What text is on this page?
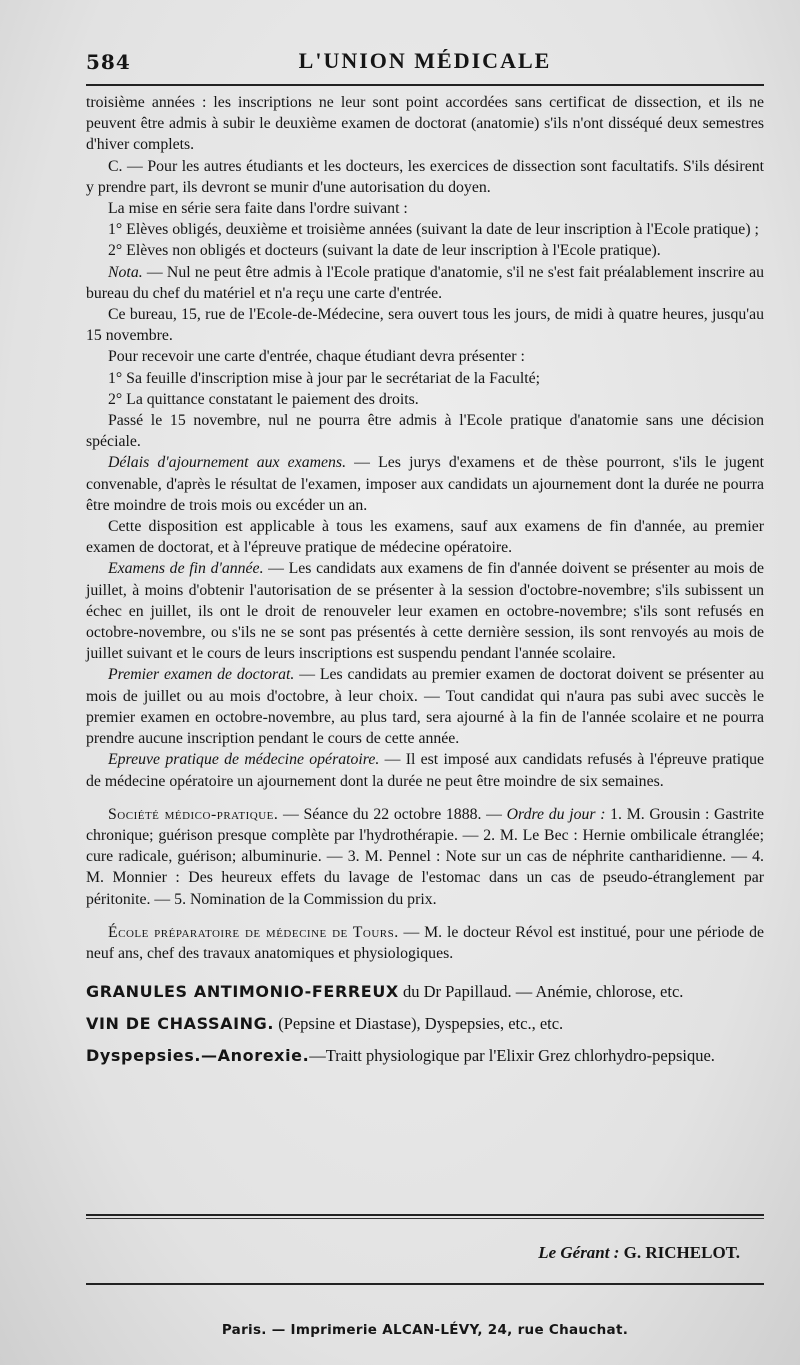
584	L'UNION MÉDICALE

troisième années : les inscriptions ne leur sont point accordées sans certificat de dissection, et ils ne peuvent être admis à subir le deuxième examen de doctorat (anatomie) s'ils n'ont disséqué deux semestres d'hiver complets.

C. — Pour les autres étudiants et les docteurs, les exercices de dissection sont facultatifs. S'ils désirent y prendre part, ils devront se munir d'une autorisation du doyen.

La mise en série sera faite dans l'ordre suivant :

1° Elèves obligés, deuxième et troisième années (suivant la date de leur inscription à l'Ecole pratique) ;

2° Elèves non obligés et docteurs (suivant la date de leur inscription à l'Ecole pratique).

Nota. — Nul ne peut être admis à l'Ecole pratique d'anatomie, s'il ne s'est fait préalablement inscrire au bureau du chef du matériel et n'a reçu une carte d'entrée.

Ce bureau, 15, rue de l'Ecole-de-Médecine, sera ouvert tous les jours, de midi à quatre heures, jusqu'au 15 novembre.

Pour recevoir une carte d'entrée, chaque étudiant devra présenter :

1° Sa feuille d'inscription mise à jour par le secrétariat de la Faculté;

2° La quittance constatant le paiement des droits.

Passé le 15 novembre, nul ne pourra être admis à l'Ecole pratique d'anatomie sans une décision spéciale.

Délais d'ajournement aux examens. — Les jurys d'examens et de thèse pourront, s'ils le jugent convenable, d'après le résultat de l'examen, imposer aux candidats un ajournement dont la durée ne pourra être moindre de trois mois ou excéder un an.

Cette disposition est applicable à tous les examens, sauf aux examens de fin d'année, au premier examen de doctorat, et à l'épreuve pratique de médecine opératoire.

Examens de fin d'année. — Les candidats aux examens de fin d'année doivent se présenter au mois de juillet, à moins d'obtenir l'autorisation de se présenter à la session d'octobre-novembre; s'ils subissent un échec en juillet, ils ont le droit de renouveler leur examen en octobre-novembre; s'ils sont refusés en octobre-novembre, ou s'ils ne se sont pas présentés à cette dernière session, ils sont renvoyés au mois de juillet suivant et le cours de leurs inscriptions est suspendu pendant l'année scolaire.

Premier examen de doctorat. — Les candidats au premier examen de doctorat doivent se présenter au mois de juillet ou au mois d'octobre, à leur choix. — Tout candidat qui n'aura pas subi avec succès le premier examen en octobre-novembre, au plus tard, sera ajourné à la fin de l'année scolaire et ne pourra prendre aucune inscription pendant le cours de cette année.

Epreuve pratique de médecine opératoire. — Il est imposé aux candidats refusés à l'épreuve pratique de médecine opératoire un ajournement dont la durée ne peut être moindre de six semaines.

Société médico-pratique. — Séance du 22 octobre 1888. — Ordre du jour : 1. M. Grousin : Gastrite chronique; guérison presque complète par l'hydrothérapie. — 2. M. Le Bec : Hernie ombilicale étranglée; cure radicale, guérison; albuminurie. — 3. M. Pennel : Note sur un cas de néphrite cantharidienne. — 4. M. Monnier : Des heureux effets du lavage de l'estomac dans un cas de pseudo-étranglement par péritonite. — 5. Nomination de la Commission du prix.

École préparatoire de médecine de Tours. — M. le docteur Révol est institué, pour une période de neuf ans, chef des travaux anatomiques et physiologiques.

GRANULES ANTIMONIO-FERREUX du Dr Papillaud. — Anémie, chlorose, etc.

VIN DE CHASSAING. (Pepsine et Diastase), Dyspepsies, etc., etc.

Dyspepsies.—Anorexie.—Traitt physiologique par l'Elixir Grez chlorhydro-pepsique.

Le Gérant : G. RICHELOT.
Paris. — Imprimerie ALCAN-LÉVY, 24, rue Chauchat.
